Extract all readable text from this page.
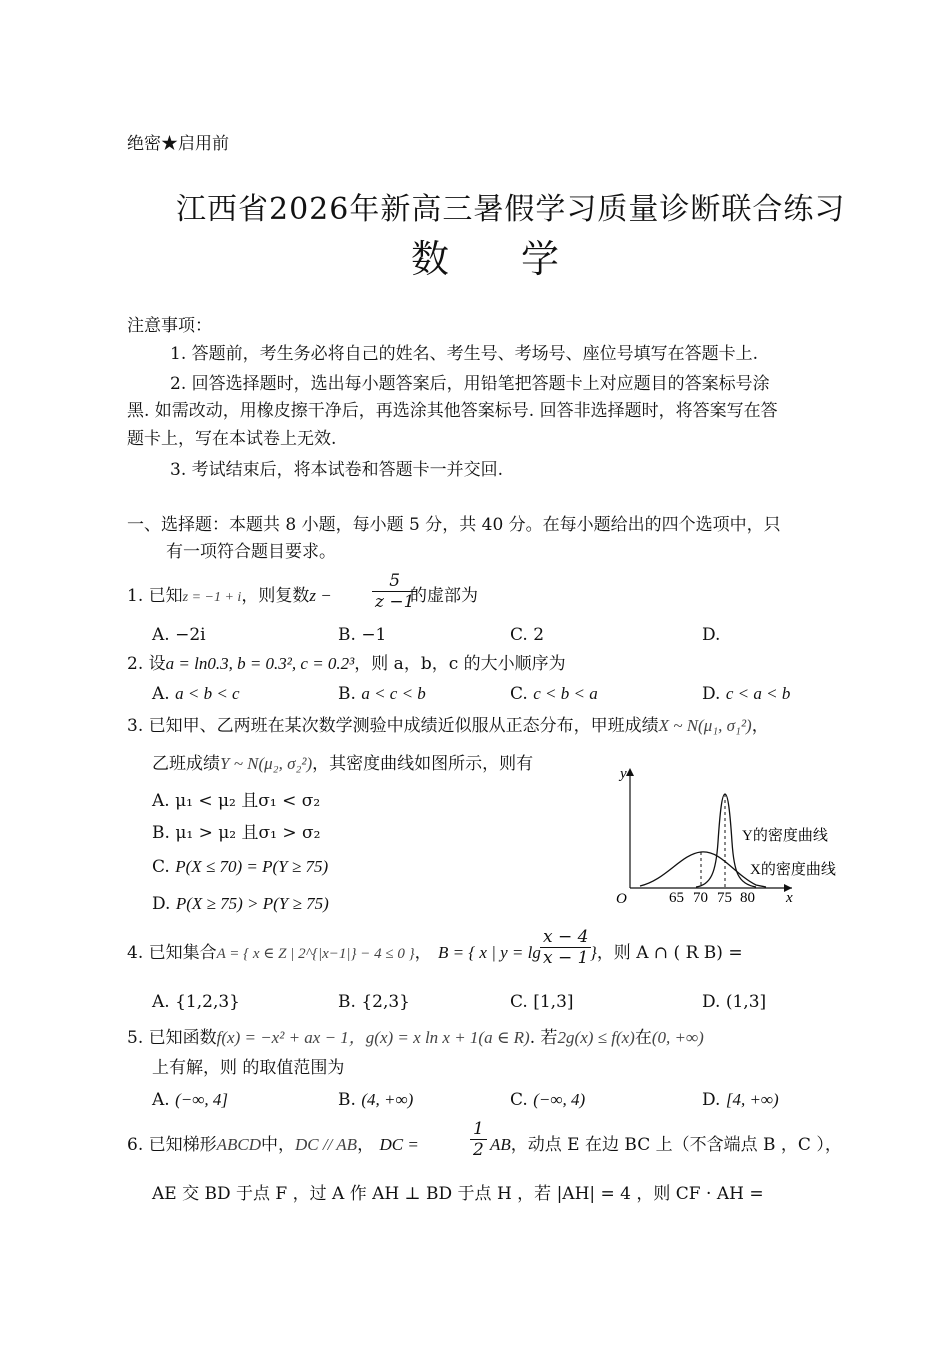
绝密★启用前
江西省2026年新高三暑假学习质量诊断联合练习
数学
注意事项：
1. 答题前，考生务必将自己的姓名、考生号、考场号、座位号填写在答题卡上.
2. 回答选择题时，选出每小题答案后，用铅笔把答题卡上对应题目的答案标号涂
黑. 如需改动，用橡皮擦干净后，再选涂其他答案标号. 回答非选择题时，将答案写在答
题卡上，写在本试卷上无效.
3. 考试结束后，将本试卷和答题卡一并交回.
一、选择题：本题共 8 小题，每小题 5 分，共 40 分。在每小题给出的四个选项中，只
有一项符合题目要求。
1. 已知z = −1 + i，则复数$z - \frac{5}{z -1}$
的虚部为
A. −2i	B. −1	C. 2	D.
2. 设a = ln0.3, b = 0.3², c = 0.2³，则 a，b，c 的大小顺序为
A. a < b < c	B. a < c < b	C. c < b < a	D. c < a < b
3. 已知甲、乙两班在某次数学测验中成绩近似服从正态分布，甲班成绩X ~ N(μ₁, σ₁²)，
乙班成绩Y ~ N(μ₂, σ₂²)，其密度曲线如图所示，则有
A. μ₁ < μ₂ 且σ₁ < σ₂
B. μ₁ > μ₂ 且σ₁ > σ₂
C. P(X ≤ 70) = P(Y ≥ 75)
D. P(X ≥ 75) > P(Y ≥ 75)
y
x
O	65 70 75 80
Y的密度曲线
X的密度曲线
4. 已知集合A = { x ∈ Z | 2^{|x−1|} − 4 ≤ 0 }， B = { x | $y = \lg \frac{x - 4}{x - 1}$
}，则 A ∩ ( R B) =
A. {1,2,3}	B. {2,3}	C. [1,3]	D. (1,3]
5. 已知函数f(x) = −x² + ax − 1，g(x) = x ln x + 1(a ∈ R). 若2g(x) ≤ f(x)在(0, +∞)
上有解，则 的取值范围为
A. (−∞, 4]	B. (4, +∞)	C. (−∞, 4)	D. [4, +∞)
6. 已知梯形ABCD中，DC // AB， DC =	$\frac{1}{2}$ AB，动点 E 在边 BC 上（不含端点 B ，C ），
AE 交 BD 于点 F ，过 A 作 AH ⊥ BD 于点 H ，若 |AH| = 4 ，则 CF · AH =
